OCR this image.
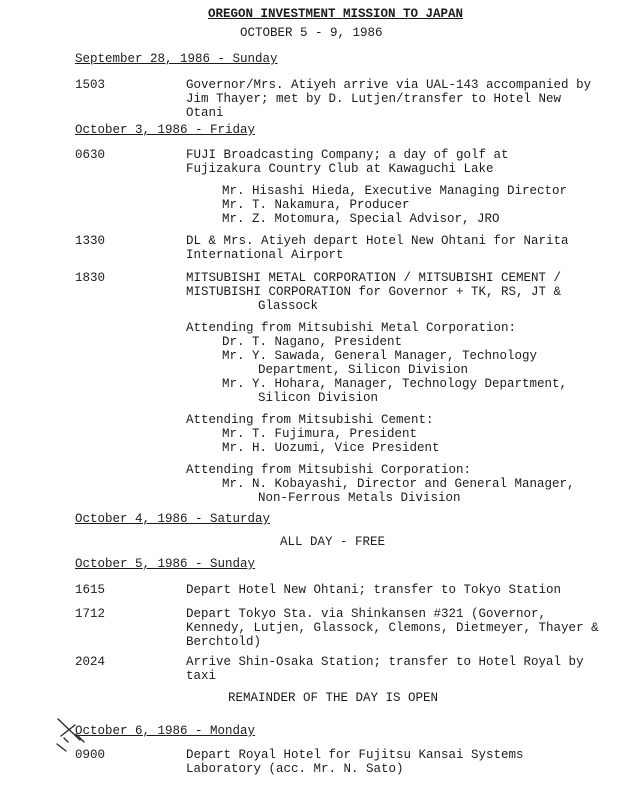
OREGON INVESTMENT MISSION TO JAPAN
OCTOBER 5 - 9, 1986
September 28, 1986 - Sunday
1503	Governor/Mrs. Atiyeh arrive via UAL-143 accompanied by
Jim Thayer; met by D. Lutjen/transfer to Hotel New
Otani
October 3, 1986 - Friday
0630	FUJI Broadcasting Company; a day of golf at
Fujizakura Country Club at Kawaguchi Lake
Mr. Hisashi Hieda, Executive Managing Director
Mr. T. Nakamura, Producer
Mr. Z. Motomura, Special Advisor, JRO
1330	DL & Mrs. Atiyeh depart Hotel New Ohtani for Narita
International Airport
1830	MITSUBISHI METAL CORPORATION / MITSUBISHI CEMENT /
MISTUBISHI CORPORATION for Governor + TK, RS, JT &
Glassock
Attending from Mitsubishi Metal Corporation:
Dr. T. Nagano, President
Mr. Y. Sawada, General Manager, Technology
Department, Silicon Division
Mr. Y. Hohara, Manager, Technology Department,
Silicon Division
Attending from Mitsubishi Cement:
Mr. T. Fujimura, President
Mr. H. Uozumi, Vice President
Attending from Mitsubishi Corporation:
Mr. N. Kobayashi, Director and General Manager,
Non-Ferrous Metals Division
October 4, 1986 - Saturday
ALL DAY - FREE
October 5, 1986 - Sunday
1615	Depart Hotel New Ohtani; transfer to Tokyo Station
1712	Depart Tokyo Sta. via Shinkansen #321 (Governor,
Kennedy, Lutjen, Glassock, Clemons, Dietmeyer, Thayer &
Berchtold)
2024	Arrive Shin-Osaka Station; transfer to Hotel Royal by
taxi
REMAINDER OF THE DAY IS OPEN
October 6, 1986 - Monday
0900	Depart Royal Hotel for Fujitsu Kansai Systems
Laboratory (acc. Mr. N. Sato)
